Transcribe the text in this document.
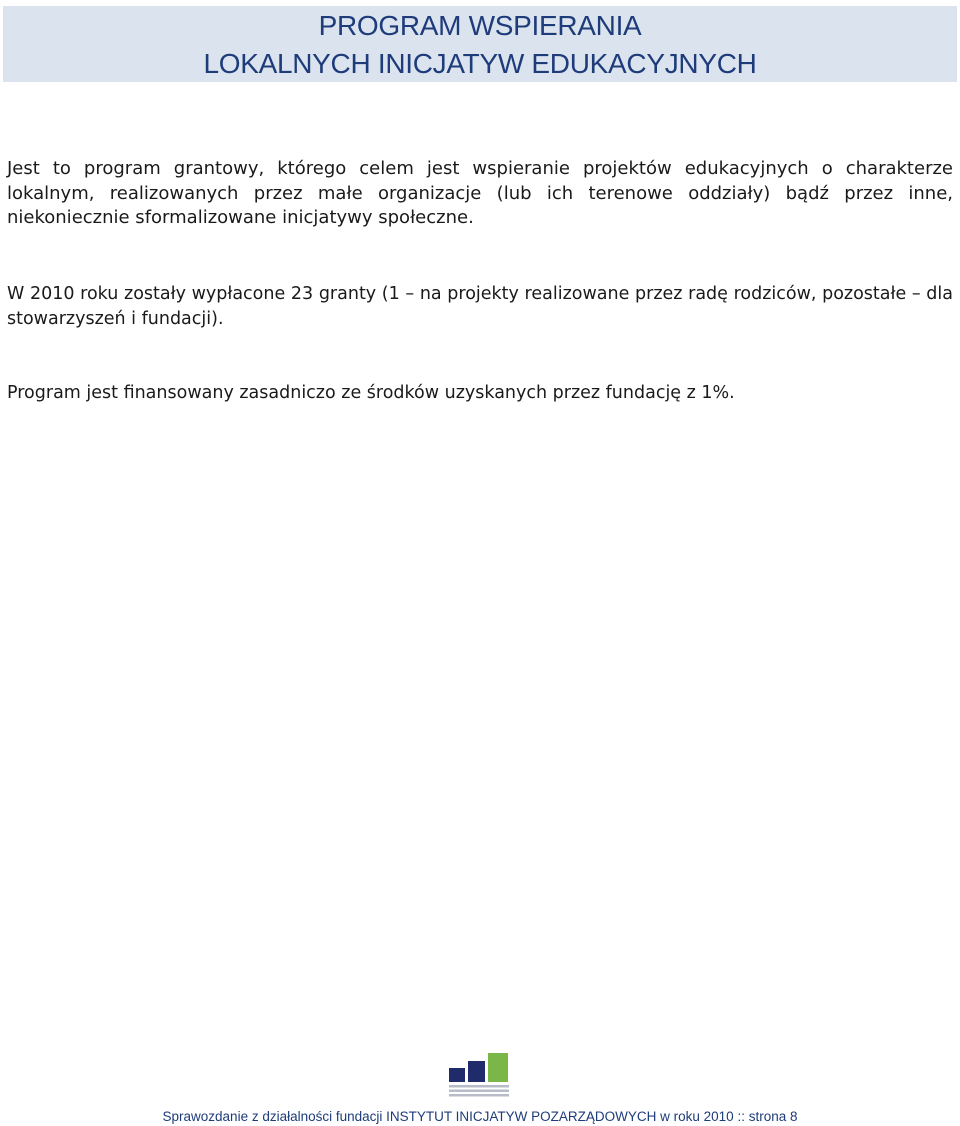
PROGRAM WSPIERANIA
LOKALNYCH INICJATYW EDUKACYJNYCH

Jest to program grantowy, którego celem jest wspieranie projektów edukacyjnych o charakterze lokalnym, realizowanych przez małe organizacje (lub ich terenowe oddziały) bądź przez inne, niekoniecznie sformalizowane inicjatywy społeczne.

W 2010 roku zostały wypłacone 23 granty (1 – na projekty realizowane przez radę rodziców, pozostałe – dla stowarzyszeń i fundacji).

Program jest finansowany zasadniczo ze środków uzyskanych przez fundację z 1%.

Sprawozdanie z działalności fundacji INSTYTUT INICJATYW POZARZĄDOWYCH w roku 2010 :: strona 8
